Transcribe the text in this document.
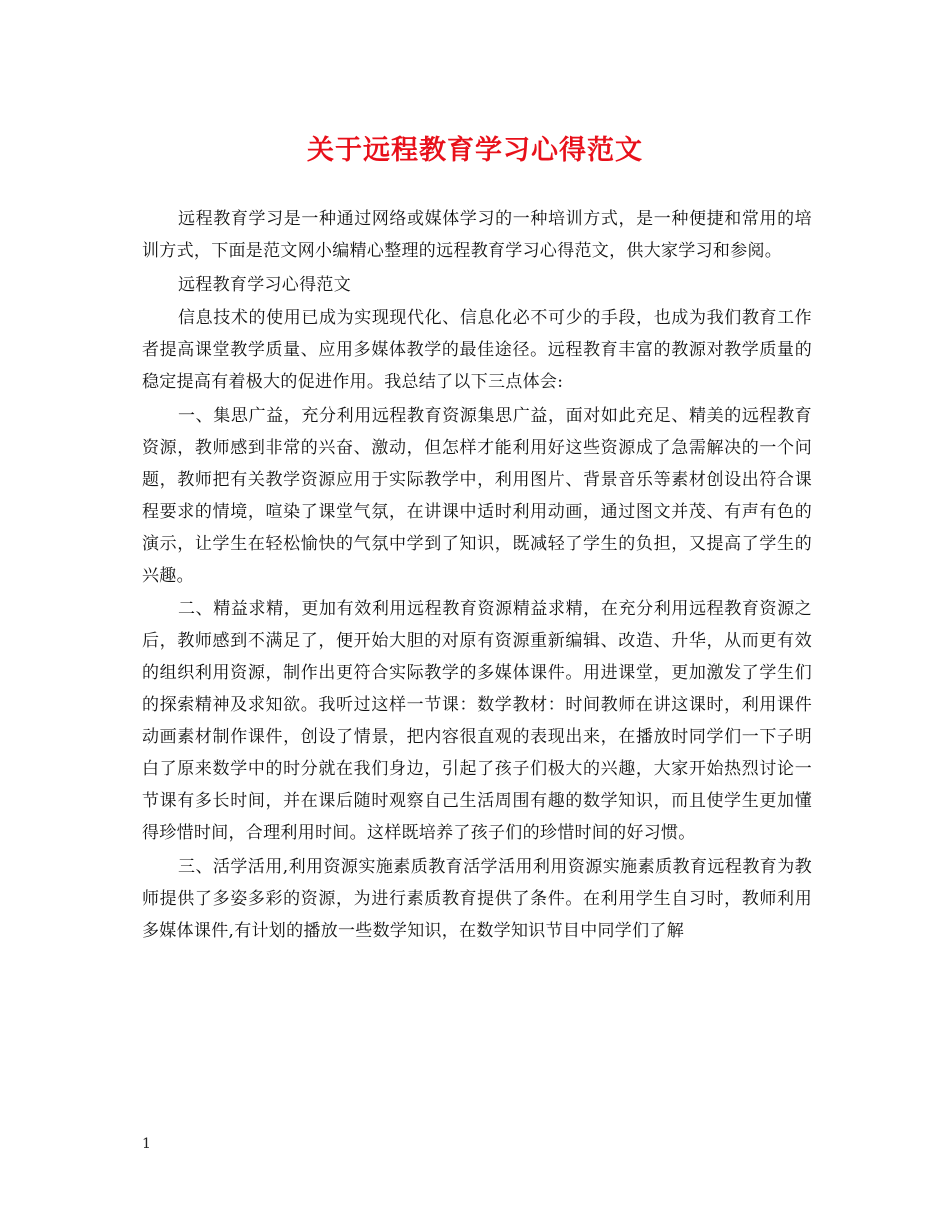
关于远程教育学习心得范文

远程教育学习是一种通过网络或媒体学习的一种培训方式，是一种便捷和常用的培训方式，下面是范文网小编精心整理的远程教育学习心得范文，供大家学习和参阅。

远程教育学习心得范文

信息技术的使用已成为实现现代化、信息化必不可少的手段，也成为我们教育工作者提高课堂教学质量、应用多媒体教学的最佳途径。远程教育丰富的教源对教学质量的稳定提高有着极大的促进作用。我总结了以下三点体会:

一、集思广益，充分利用远程教育资源集思广益，面对如此充足、精美的远程教育资源，教师感到非常的兴奋、激动，但怎样才能利用好这些资源成了急需解决的一个问题，教师把有关教学资源应用于实际教学中，利用图片、背景音乐等素材创设出符合课程要求的情境，喧染了课堂气氛，在讲课中适时利用动画，通过图文并茂、有声有色的演示，让学生在轻松愉快的气氛中学到了知识，既减轻了学生的负担，又提高了学生的兴趣。

二、精益求精，更加有效利用远程教育资源精益求精，在充分利用远程教育资源之后，教师感到不满足了，便开始大胆的对原有资源重新编辑、改造、升华，从而更有效的组织利用资源，制作出更符合实际教学的多媒体课件。用进课堂，更加激发了学生们的探索精神及求知欲。我听过这样一节课：数学教材：时间教师在讲这课时，利用课件动画素材制作课件，创设了情景，把内容很直观的表现出来，在播放时同学们一下子明白了原来数学中的时分就在我们身边，引起了孩子们极大的兴趣，大家开始热烈讨论一节课有多长时间，并在课后随时观察自己生活周围有趣的数学知识，而且使学生更加懂得珍惜时间，合理利用时间。这样既培养了孩子们的珍惜时间的好习惯。

三、活学活用,利用资源实施素质教育活学活用利用资源实施素质教育远程教育为教师提供了多姿多彩的资源，为进行素质教育提供了条件。在利用学生自习时，教师利用多媒体课件,有计划的播放一些数学知识，在数学知识节目中同学们了解

1
